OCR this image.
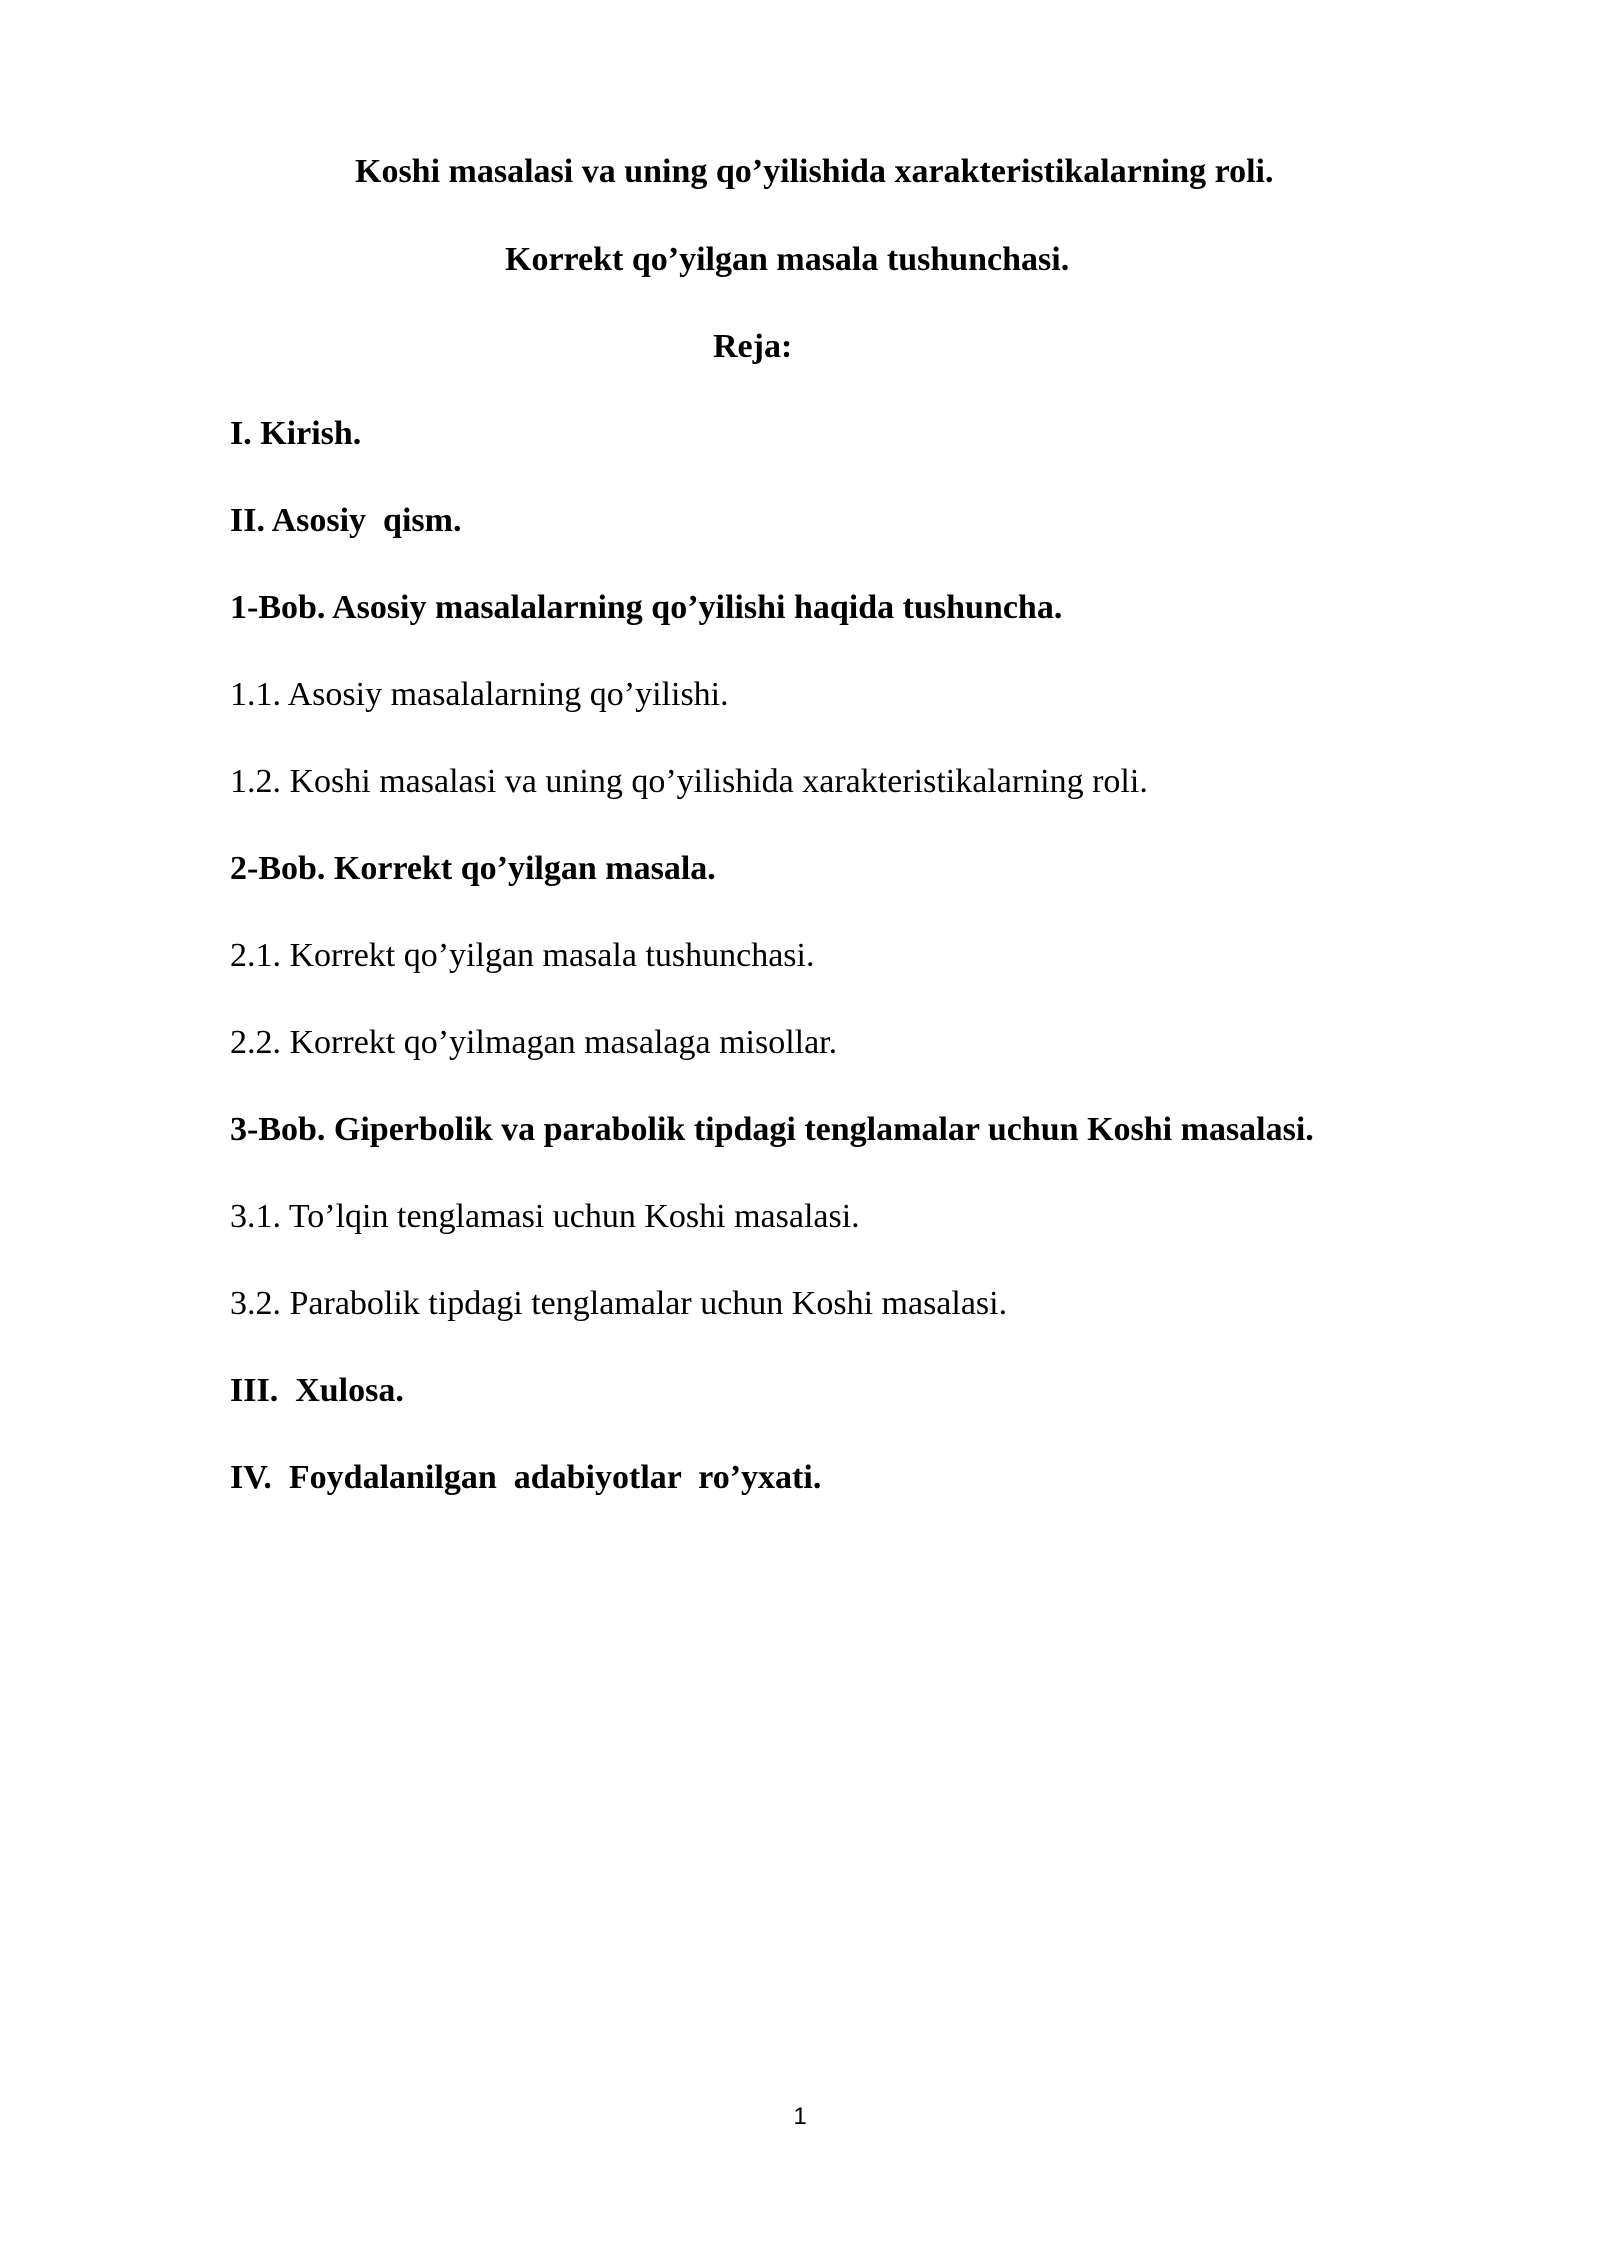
Koshi masalasi va uning qo’yilishida xarakteristikalarning roli.
Korrekt qo’yilgan masala tushunchasi.
Reja:
I. Kirish.
II. Asosiy  qism.
1-Bob. Asosiy masalalarning qo’yilishi haqida tushuncha.
1.1. Asosiy masalalarning qo’yilishi.
1.2. Koshi masalasi va uning qo’yilishida xarakteristikalarning roli.
2-Bob. Korrekt qo’yilgan masala.
2.1. Korrekt qo’yilgan masala tushunchasi.
2.2. Korrekt qo’yilmagan masalaga misollar.
3-Bob. Giperbolik va parabolik tipdagi tenglamalar uchun Koshi masalasi.
3.1. To’lqin tenglamasi uchun Koshi masalasi.
3.2. Parabolik tipdagi tenglamalar uchun Koshi masalasi.
III.  Xulosa.
IV.  Foydalanilgan  adabiyotlar  ro’yxati.
1
